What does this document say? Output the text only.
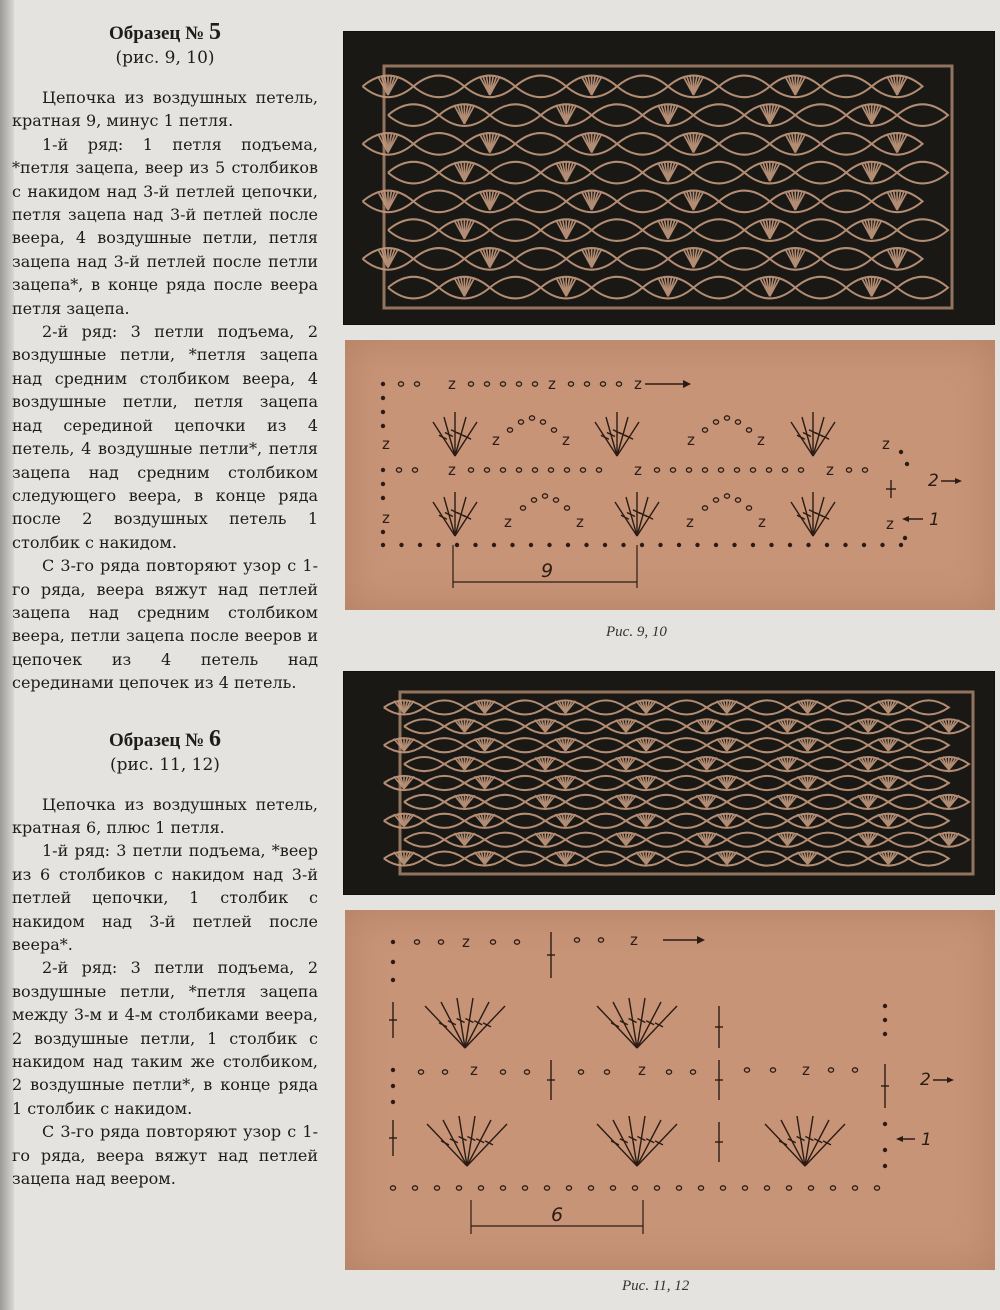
Образец № 5

(рис. 9, 10)

Цепочка из воздушных петель, кратная 9, минус 1 петля.

1-й ряд: 1 петля подъема, *петля зацепа, веер из 5 столбиков с накидом над 3-й петлей цепочки, петля зацепа над 3-й петлей после веера, 4 воздушные петли, петля зацепа над 3-й петлей после петли зацепа*, в конце ряда после веера петля зацепа.

2-й ряд: 3 петли подъема, 2 воздушные петли, *петля зацепа над средним столбиком веера, 4 воздушные петли, петля зацепа над серединой цепочки из 4 петель, 4 воздушные петли*, петля зацепа над средним столбиком следующего веера, в конце ряда после 2 воздушных петель 1 столбик с накидом.

С 3-го ряда повторяют узор с 1-го ряда, веера вяжут над петлей зацепа над средним столбиком веера, петли зацепа после вееров и цепочек из 4 петель над серединами цепочек из 4 петель.

Образец № 6

(рис. 11, 12)

Цепочка из воздушных петель, кратная 6, плюс 1 петля.

1-й ряд: 3 петли подъема, *веер из 6 столбиков с накидом над 3-й петлей цепочки, 1 столбик с накидом над 3-й петлей после веера*.

2-й ряд: 3 петли подъема, 2 воздушные петли, *петля зацепа между 3-м и 4-м столбиками веера, 2 воздушные петли, 1 столбик с накидом над таким же столбиком, 2 воздушные петли*, в конце ряда 1 столбик с накидом.

С 3-го ряда повторяют узор с 1-го ряда, веера вяжут над петлей зацепа над веером.

z	z	z
z	z	z	z	z	z
z	z	z
z	z	z	z	z	z
2
1
9
Рис. 9, 10
z	z
z	z	z	2
1
6
Рис. 11, 12
